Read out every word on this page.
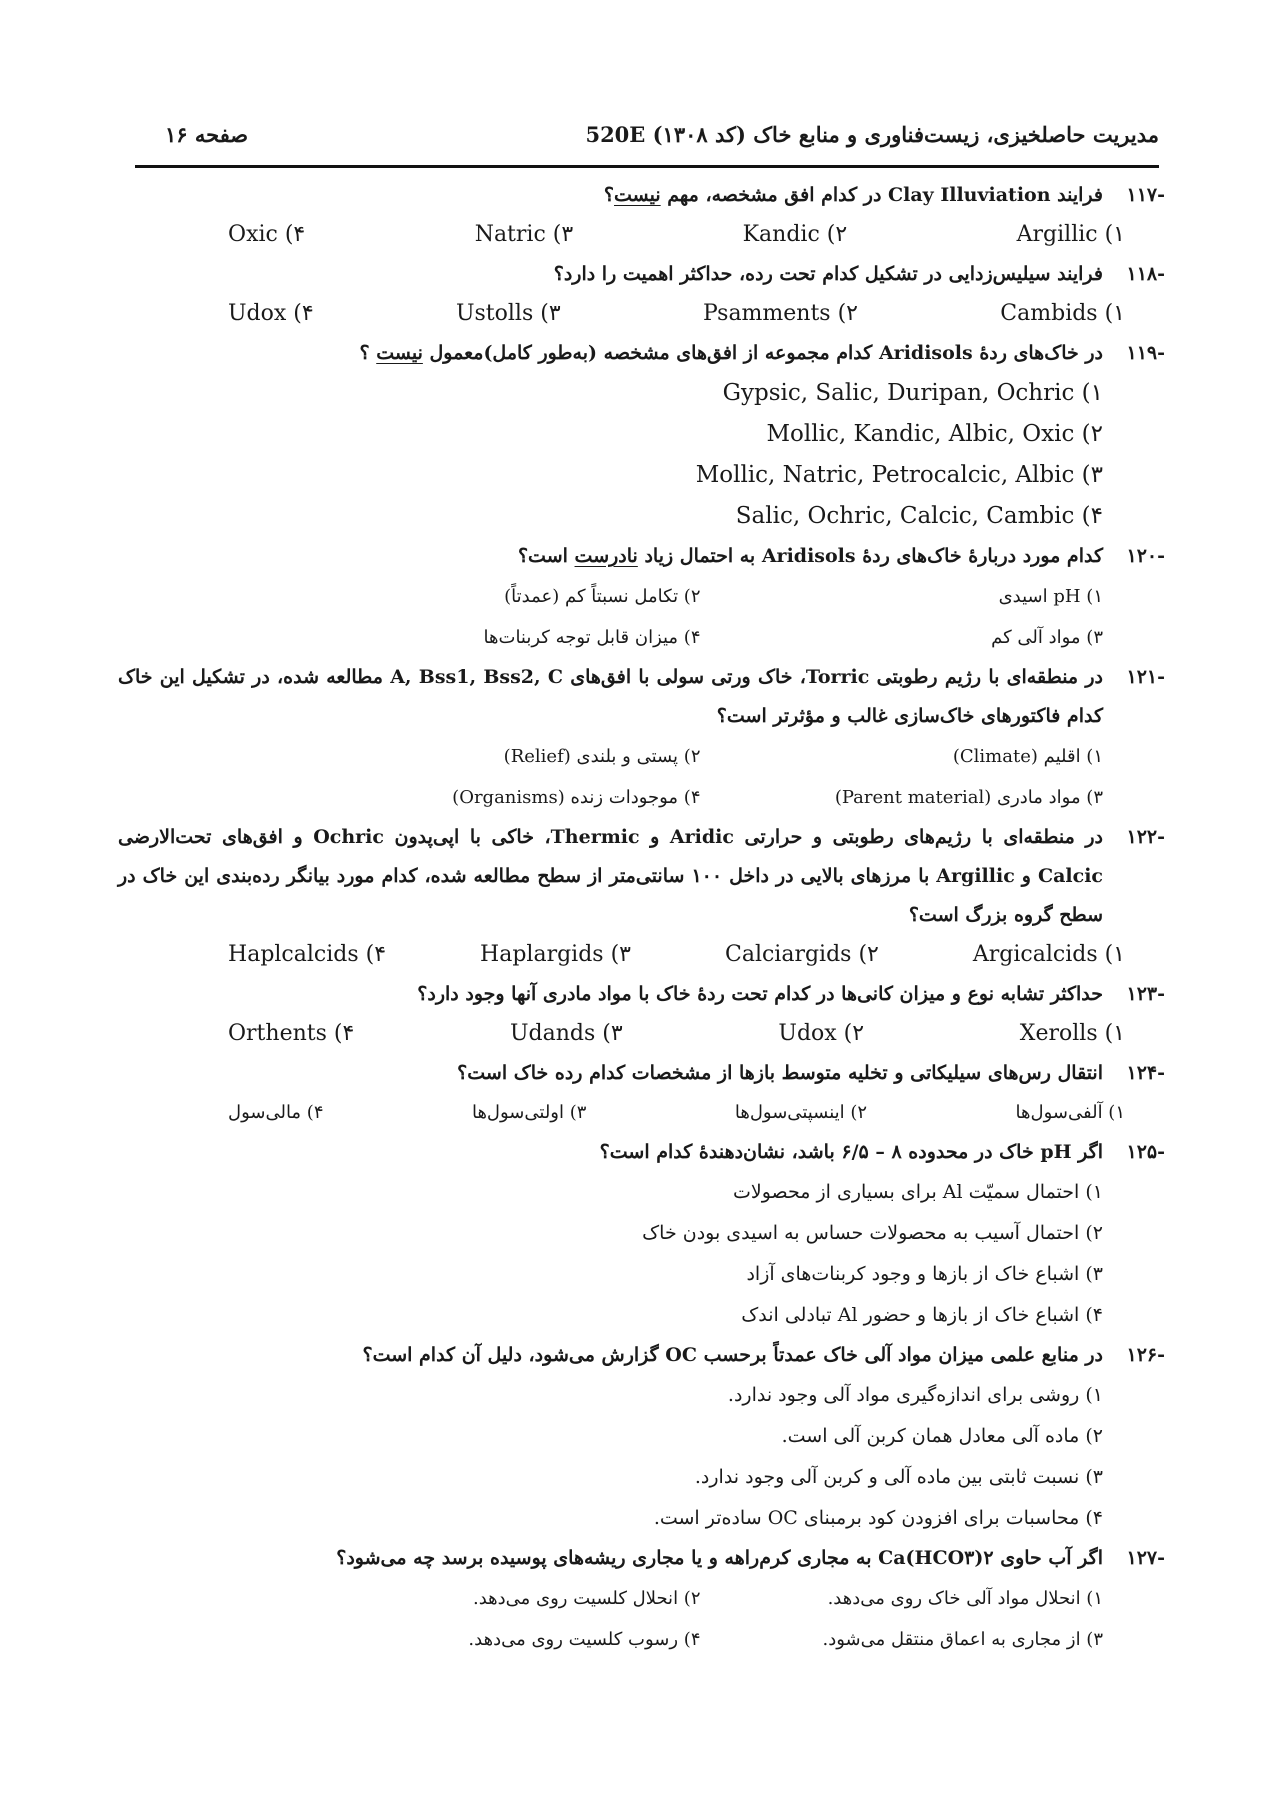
مدیریت حاصلخیزی، زیست‌فناوری و منابع خاک (کد ۱۳۰۸) 520E
صفحه ۱۶
-۱۱۷
فرایند Clay Illuviation در کدام افق مشخصه، مهم نیست؟
Argillic (۱
Kandic (۲
Natric (۳
Oxic (۴
-۱۱۸
فرایند سیلیس‌زدایی در تشکیل کدام تحت رده، حداکثر اهمیت را دارد؟
Cambids (۱
Psamments (۲
Ustolls (۳
Udox (۴
-۱۱۹
در خاک‌های ردهٔ Aridisols کدام مجموعه از افق‌های مشخصه (به‌طور کامل)معمول نیست ؟
Gypsic, Salic, Duripan, Ochric (۱
Mollic, Kandic, Albic, Oxic (۲
Mollic, Natric, Petrocalcic, Albic (۳
Salic, Ochric, Calcic, Cambic (۴
-۱۲۰
کدام مورد دربارهٔ خاک‌های ردهٔ Aridisols به احتمال زیاد نادرست است؟
۱) pH اسیدی
۲) تکامل نسبتاً کم (عمدتاً)
۳) مواد آلی کم
۴) میزان قابل توجه کربنات‌ها
-۱۲۱
در منطقه‌ای با رژیم رطوبتی Torric، خاک ورتی سولی با افق‌های A, Bss1, Bss2, C مطالعه شده، در تشکیل این خاک کدام فاکتورهای خاک‌سازی غالب و مؤثرتر است؟
۱) اقلیم (Climate)
۲) پستی و بلندی (Relief)
۳) مواد مادری (Parent material)
۴) موجودات زنده (Organisms)
-۱۲۲
در منطقه‌ای با رژیم‌های رطوبتی و حرارتی Aridic و Thermic، خاکی با اپی‌پدون Ochric و افق‌های تحت‌الارضی Calcic و Argillic با مرزهای بالایی در داخل ۱۰۰ سانتی‌متر از سطح مطالعه شده، کدام مورد بیانگر رده‌بندی این خاک در سطح گروه بزرگ است؟
Argicalcids (۱
Calciargids (۲
Haplargids (۳
Haplcalcids (۴
-۱۲۳
حداکثر تشابه نوع و میزان کانی‌ها در کدام تحت ردهٔ خاک با مواد مادری آنها وجود دارد؟
Xerolls (۱
Udox (۲
Udands (۳
Orthents (۴
-۱۲۴
انتقال رس‌های سیلیکاتی و تخلیه متوسط بازها از مشخصات کدام رده خاک است؟
۱) آلفی‌سول‌ها
۲) اینسپتی‌سول‌ها
۳) اولتی‌سول‌ها
۴) مالی‌سول
-۱۲۵
اگر pH خاک در محدوده ۸ – ۶/۵ باشد، نشان‌دهندهٔ کدام است؟
۱) احتمال سمیّت Al برای بسیاری از محصولات
۲) احتمال آسیب به محصولات حساس به اسیدی بودن خاک
۳) اشباع خاک از بازها و وجود کربنات‌های آزاد
۴) اشباع خاک از بازها و حضور Al تبادلی اندک
-۱۲۶
در منابع علمی میزان مواد آلی خاک عمدتاً برحسب OC گزارش می‌شود، دلیل آن کدام است؟
۱) روشی برای اندازه‌گیری مواد آلی وجود ندارد.
۲) ماده آلی معادل همان کربن آلی است.
۳) نسبت ثابتی بین ماده آلی و کربن آلی وجود ندارد.
۴) محاسبات برای افزودن کود برمبنای OC ساده‌تر است.
-۱۲۷
اگر آب حاوی ۲(Ca(HCO۳ به مجاری کرم‌راهه و یا مجاری ریشه‌های پوسیده برسد چه می‌شود؟
۱) انحلال مواد آلی خاک روی می‌دهد.
۲) انحلال کلسیت روی می‌دهد.
۳) از مجاری به اعماق منتقل می‌شود.
۴) رسوب کلسیت روی می‌دهد.
